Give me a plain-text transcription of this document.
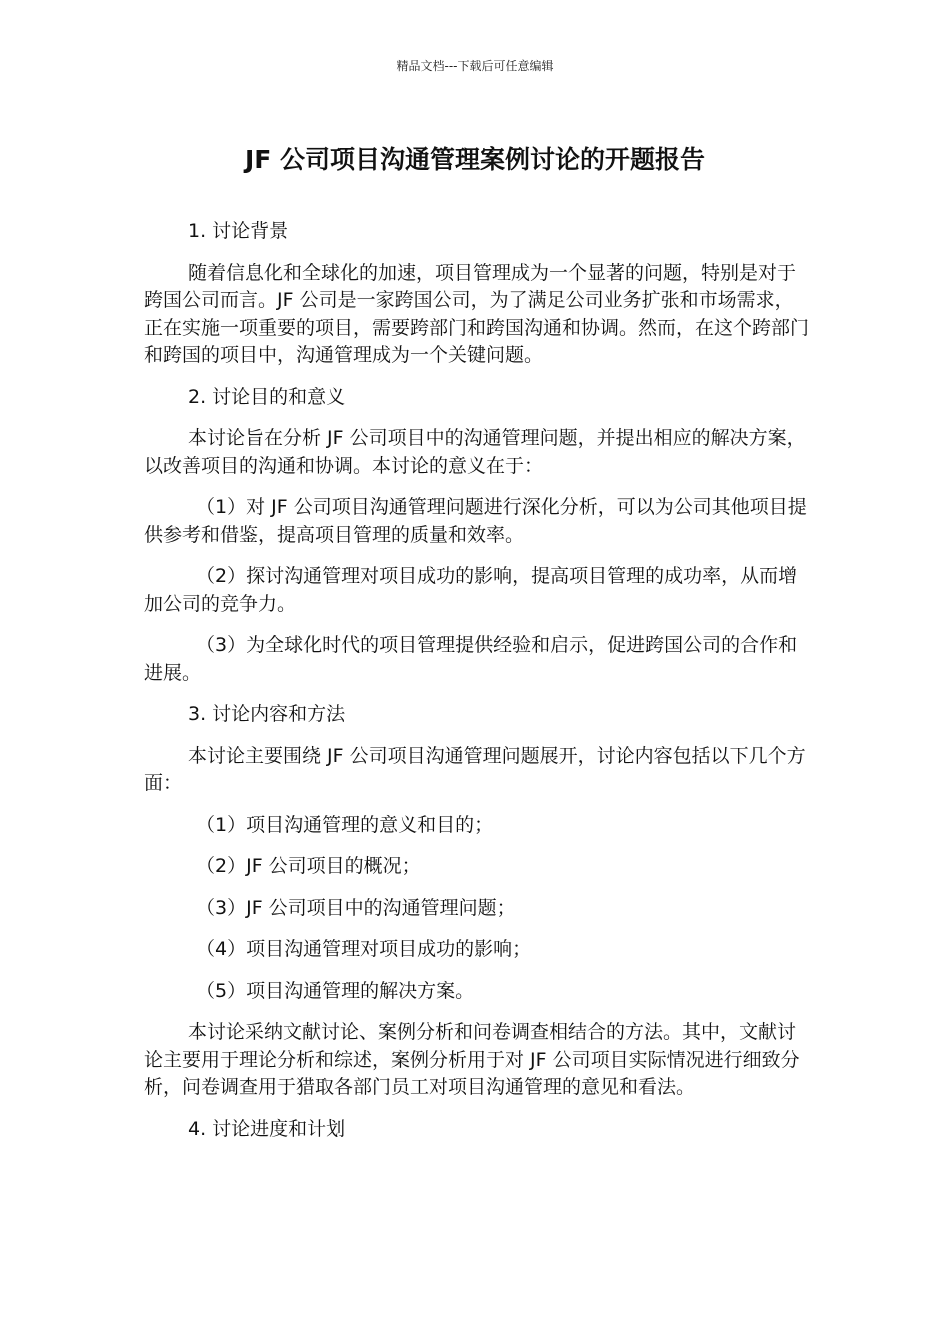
精品文档---下载后可任意编辑
JF 公司项目沟通管理案例讨论的开题报告

1. 讨论背景

随着信息化和全球化的加速，项目管理成为一个显著的问题，特别是对于跨国公司而言。JF 公司是一家跨国公司，为了满足公司业务扩张和市场需求，正在实施一项重要的项目，需要跨部门和跨国沟通和协调。然而，在这个跨部门和跨国的项目中，沟通管理成为一个关键问题。

2. 讨论目的和意义

本讨论旨在分析 JF 公司项目中的沟通管理问题，并提出相应的解决方案，以改善项目的沟通和协调。本讨论的意义在于：

（1）对 JF 公司项目沟通管理问题进行深化分析，可以为公司其他项目提供参考和借鉴，提高项目管理的质量和效率。

（2）探讨沟通管理对项目成功的影响，提高项目管理的成功率，从而增加公司的竞争力。

（3）为全球化时代的项目管理提供经验和启示，促进跨国公司的合作和进展。

3. 讨论内容和方法

本讨论主要围绕 JF 公司项目沟通管理问题展开，讨论内容包括以下几个方面：

（1）项目沟通管理的意义和目的；

（2）JF 公司项目的概况；

（3）JF 公司项目中的沟通管理问题；

（4）项目沟通管理对项目成功的影响；

（5）项目沟通管理的解决方案。

本讨论采纳文献讨论、案例分析和问卷调查相结合的方法。其中，文献讨论主要用于理论分析和综述，案例分析用于对 JF 公司项目实际情况进行细致分析，问卷调查用于猎取各部门员工对项目沟通管理的意见和看法。

4. 讨论进度和计划
